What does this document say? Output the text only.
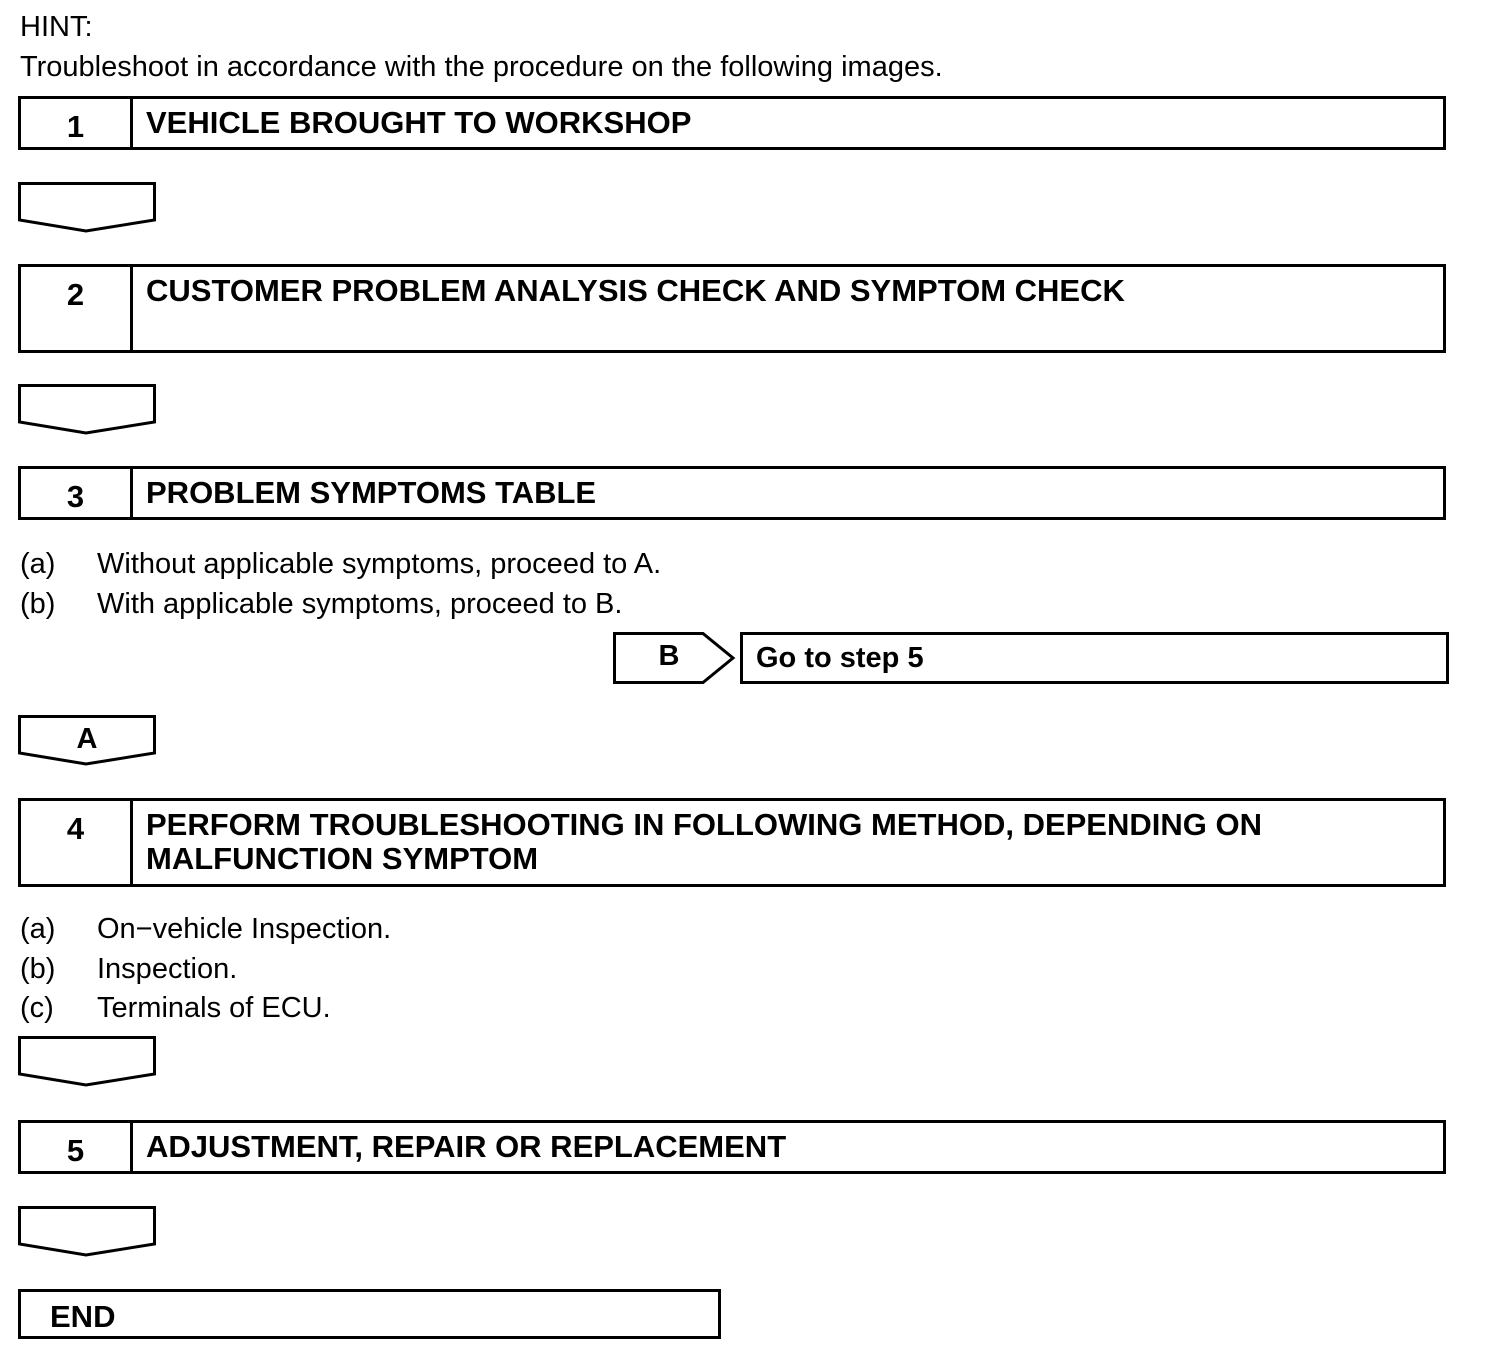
HINT:
Troubleshoot in accordance with the procedure on the following images.
1	VEHICLE BROUGHT TO WORKSHOP
2	CUSTOMER PROBLEM ANALYSIS CHECK AND SYMPTOM CHECK
3	PROBLEM SYMPTOMS TABLE
(a) Without applicable symptoms, proceed to A.
(b) With applicable symptoms, proceed to B.
B	Go to step 5
A
4	PERFORM TROUBLESHOOTING IN FOLLOWING METHOD, DEPENDING ON MALFUNCTION SYMPTOM
(a) On−vehicle Inspection.
(b) Inspection.
(c) Terminals of ECU.
5	ADJUSTMENT, REPAIR OR REPLACEMENT
END
